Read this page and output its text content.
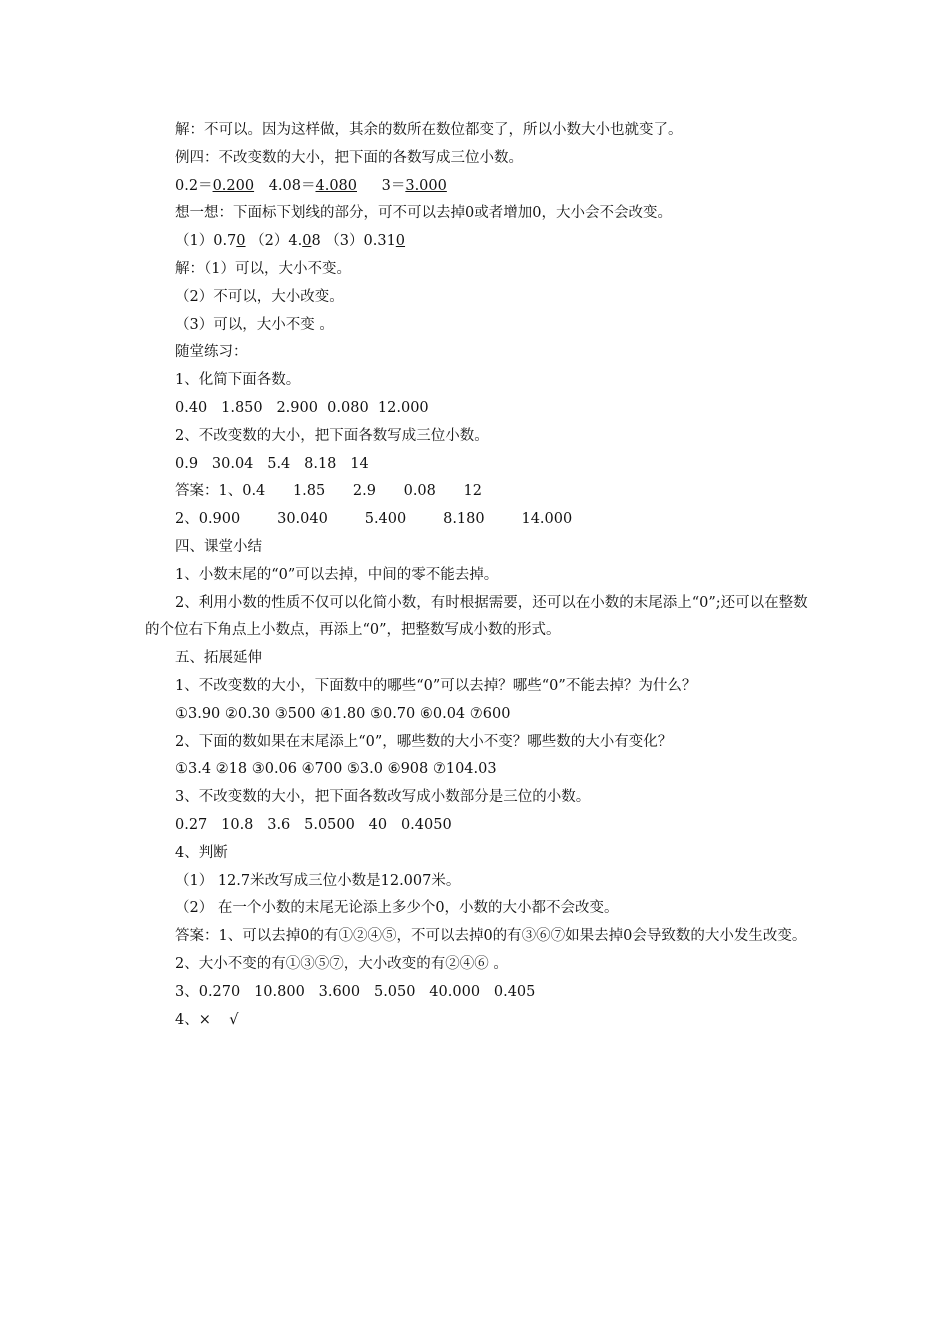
解：不可以。因为这样做，其余的数所在数位都变了，所以小数大小也就变了。
例四：不改变数的大小，把下面的各数写成三位小数。
0.2＝0.200 4.08＝4.080 3＝3.000
想一想：下面标下划线的部分，可不可以去掉0或者增加0，大小会不会改变。
（1）0.70 （2）4.08 （3）0.310
解：（1）可以，大小不变。
（2）不可以，大小改变。
（3）可以，大小不变 。
随堂练习：
1、化简下面各数。
0.40   1.850   2.900  0.080  12.000
2、不改变数的大小，把下面各数写成三位小数。
0.9   30.04   5.4   8.18   14
答案：1、0.4      1.85      2.9      0.08      12
2、0.900        30.040        5.400        8.180        14.000
四、课堂小结
1、小数末尾的“0”可以去掉，中间的零不能去掉。
2、利用小数的性质不仅可以化简小数，有时根据需要，还可以在小数的末尾添上“0”;还可以在整数的个位右下角点上小数点，再添上“0”，把整数写成小数的形式。
五、拓展延伸
1、不改变数的大小，下面数中的哪些“0”可以去掉？哪些“0”不能去掉？为什么？
①3.90 ②0.30 ③500 ④1.80 ⑤0.70 ⑥0.04 ⑦600
2、下面的数如果在末尾添上“0”，哪些数的大小不变？哪些数的大小有变化？
①3.4 ②18 ③0.06 ④700 ⑤3.0 ⑥908 ⑦104.03
3、不改变数的大小，把下面各数改写成小数部分是三位的小数。
0.27   10.8   3.6   5.0500   40   0.4050
4、判断
（1） 12.7米改写成三位小数是12.007米。
（2） 在一个小数的末尾无论添上多少个0，小数的大小都不会改变。
答案：1、可以去掉0的有①②④⑤，不可以去掉0的有③⑥⑦如果去掉0会导致数的大小发生改变。
2、大小不变的有①③⑤⑦，大小改变的有②④⑥ 。
3、0.270   10.800   3.600   5.050   40.000   0.405
4、×    √
